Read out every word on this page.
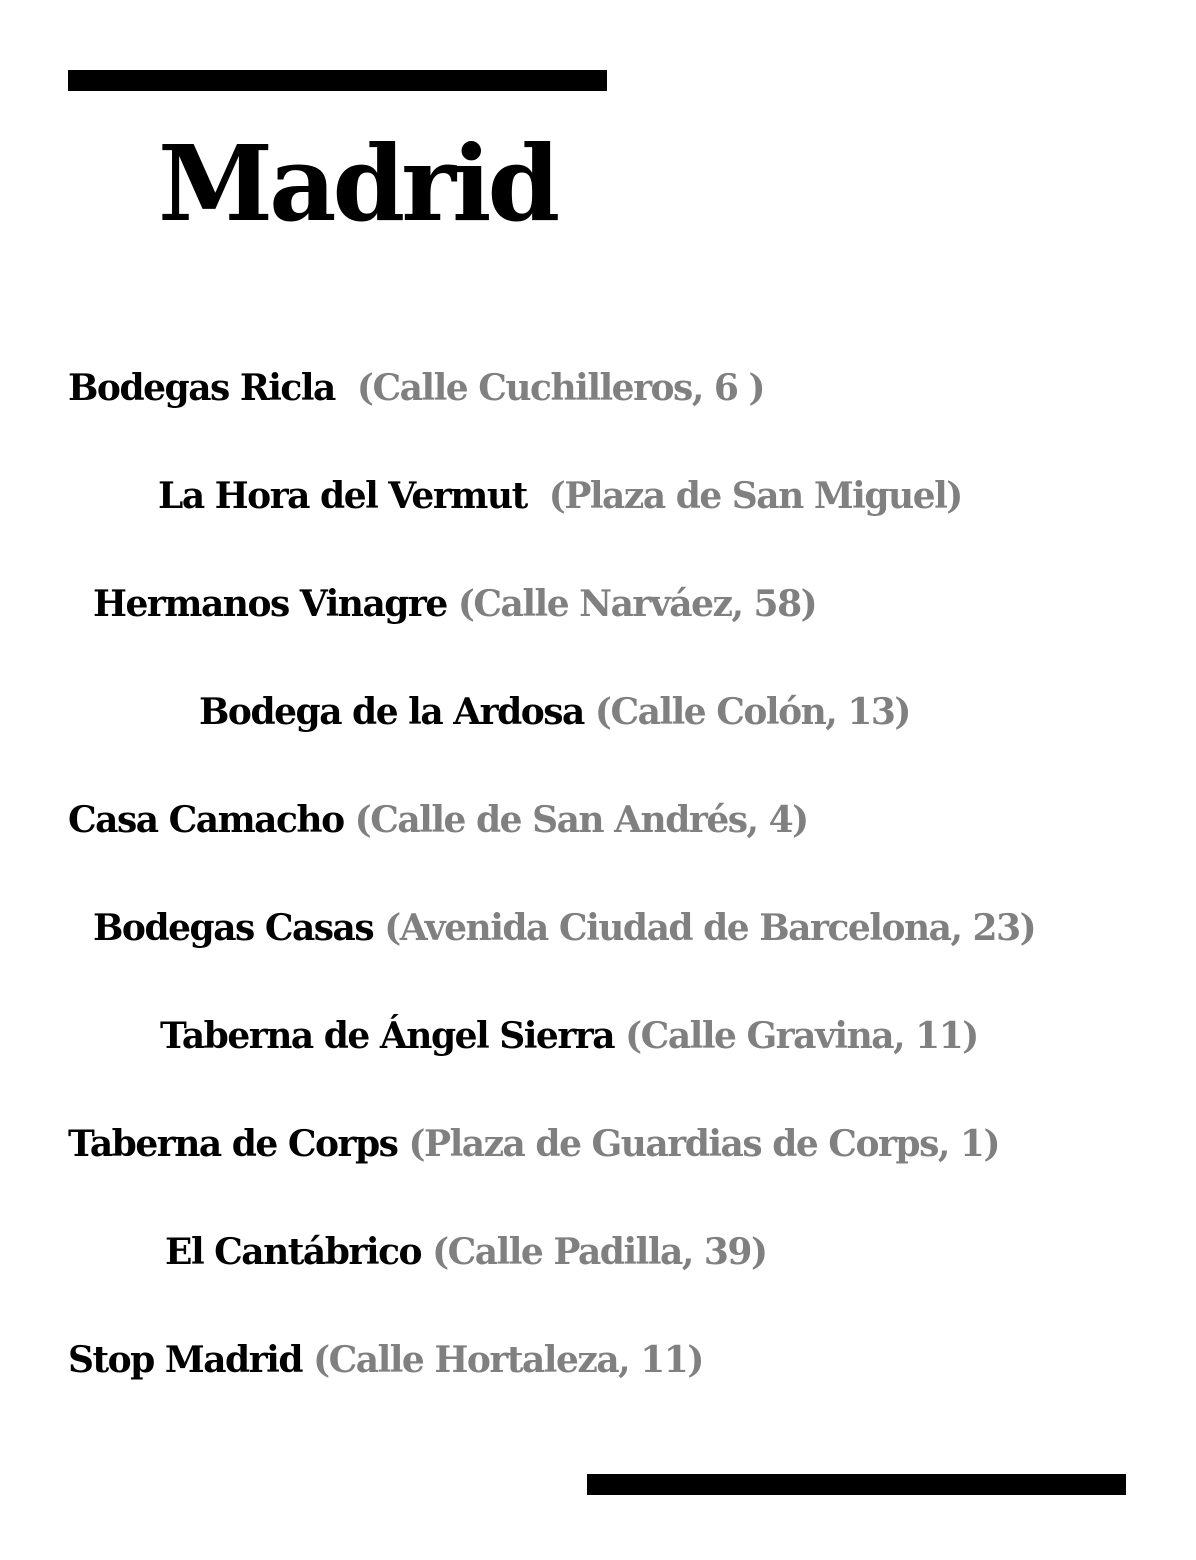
Madrid

Bodegas Ricla (Calle Cuchilleros, 6 )

La Hora del Vermut (Plaza de San Miguel)

Hermanos Vinagre (Calle Narváez, 58)

Bodega de la Ardosa (Calle Colón, 13)

Casa Camacho (Calle de San Andrés, 4)

Bodegas Casas (Avenida Ciudad de Barcelona, 23)

Taberna de Ángel Sierra (Calle Gravina, 11)

Taberna de Corps (Plaza de Guardias de Corps, 1)

El Cantábrico (Calle Padilla, 39)

Stop Madrid (Calle Hortaleza, 11)
